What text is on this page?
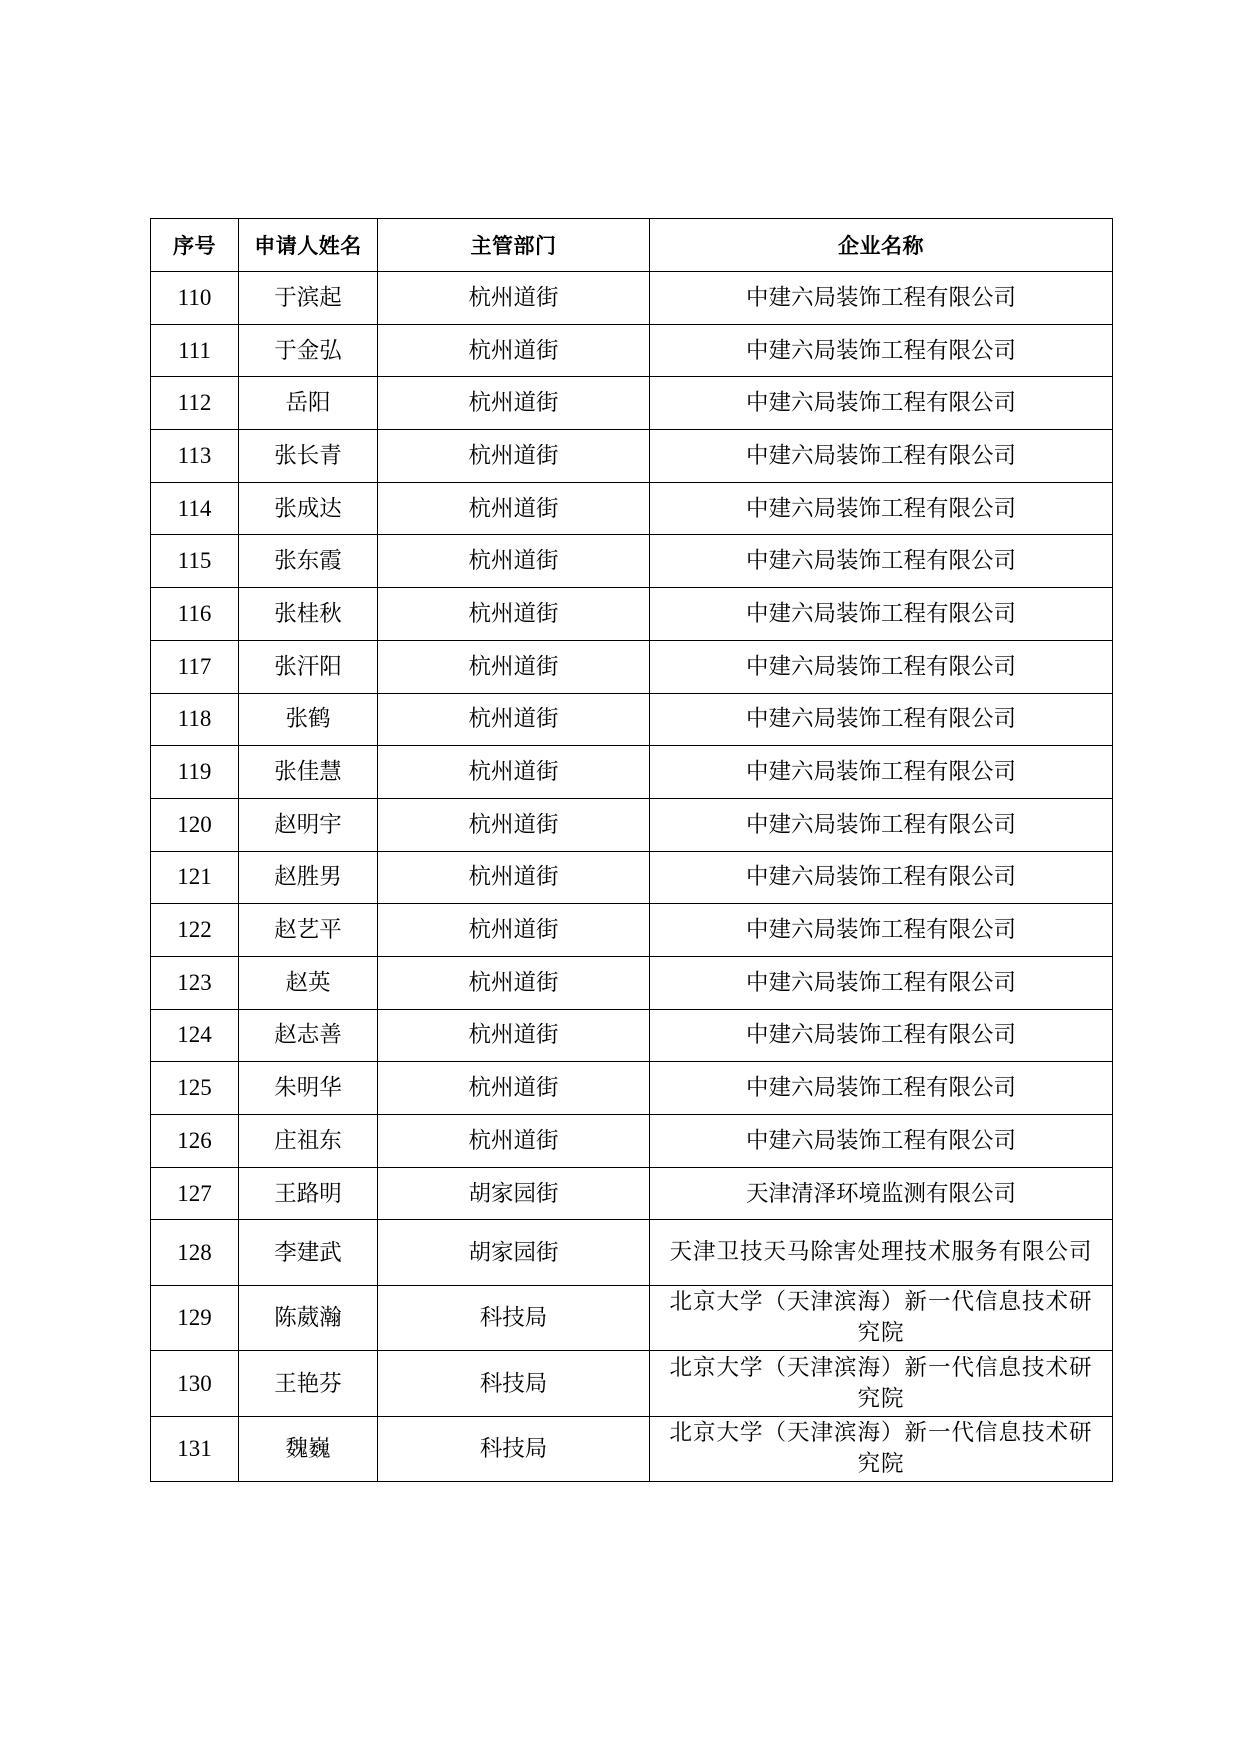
序号	申请人姓名	主管部门	企业名称
110	于滨起	杭州道街	中建六局装饰工程有限公司
111	于金弘	杭州道街	中建六局装饰工程有限公司
112	岳阳	杭州道街	中建六局装饰工程有限公司
113	张长青	杭州道街	中建六局装饰工程有限公司
114	张成达	杭州道街	中建六局装饰工程有限公司
115	张东霞	杭州道街	中建六局装饰工程有限公司
116	张桂秋	杭州道街	中建六局装饰工程有限公司
117	张汗阳	杭州道街	中建六局装饰工程有限公司
118	张鹤	杭州道街	中建六局装饰工程有限公司
119	张佳慧	杭州道街	中建六局装饰工程有限公司
120	赵明宇	杭州道街	中建六局装饰工程有限公司
121	赵胜男	杭州道街	中建六局装饰工程有限公司
122	赵艺平	杭州道街	中建六局装饰工程有限公司
123	赵英	杭州道街	中建六局装饰工程有限公司
124	赵志善	杭州道街	中建六局装饰工程有限公司
125	朱明华	杭州道街	中建六局装饰工程有限公司
126	庄祖东	杭州道街	中建六局装饰工程有限公司
127	王路明	胡家园街	天津清泽环境监测有限公司
128	李建武	胡家园街	天津卫技天马除害处理技术服务有限公司
129	陈葳瀚	科技局	北京大学（天津滨海）新一代信息技术研究院
130	王艳芬	科技局	北京大学（天津滨海）新一代信息技术研究院
131	魏巍	科技局	北京大学（天津滨海）新一代信息技术研究院
